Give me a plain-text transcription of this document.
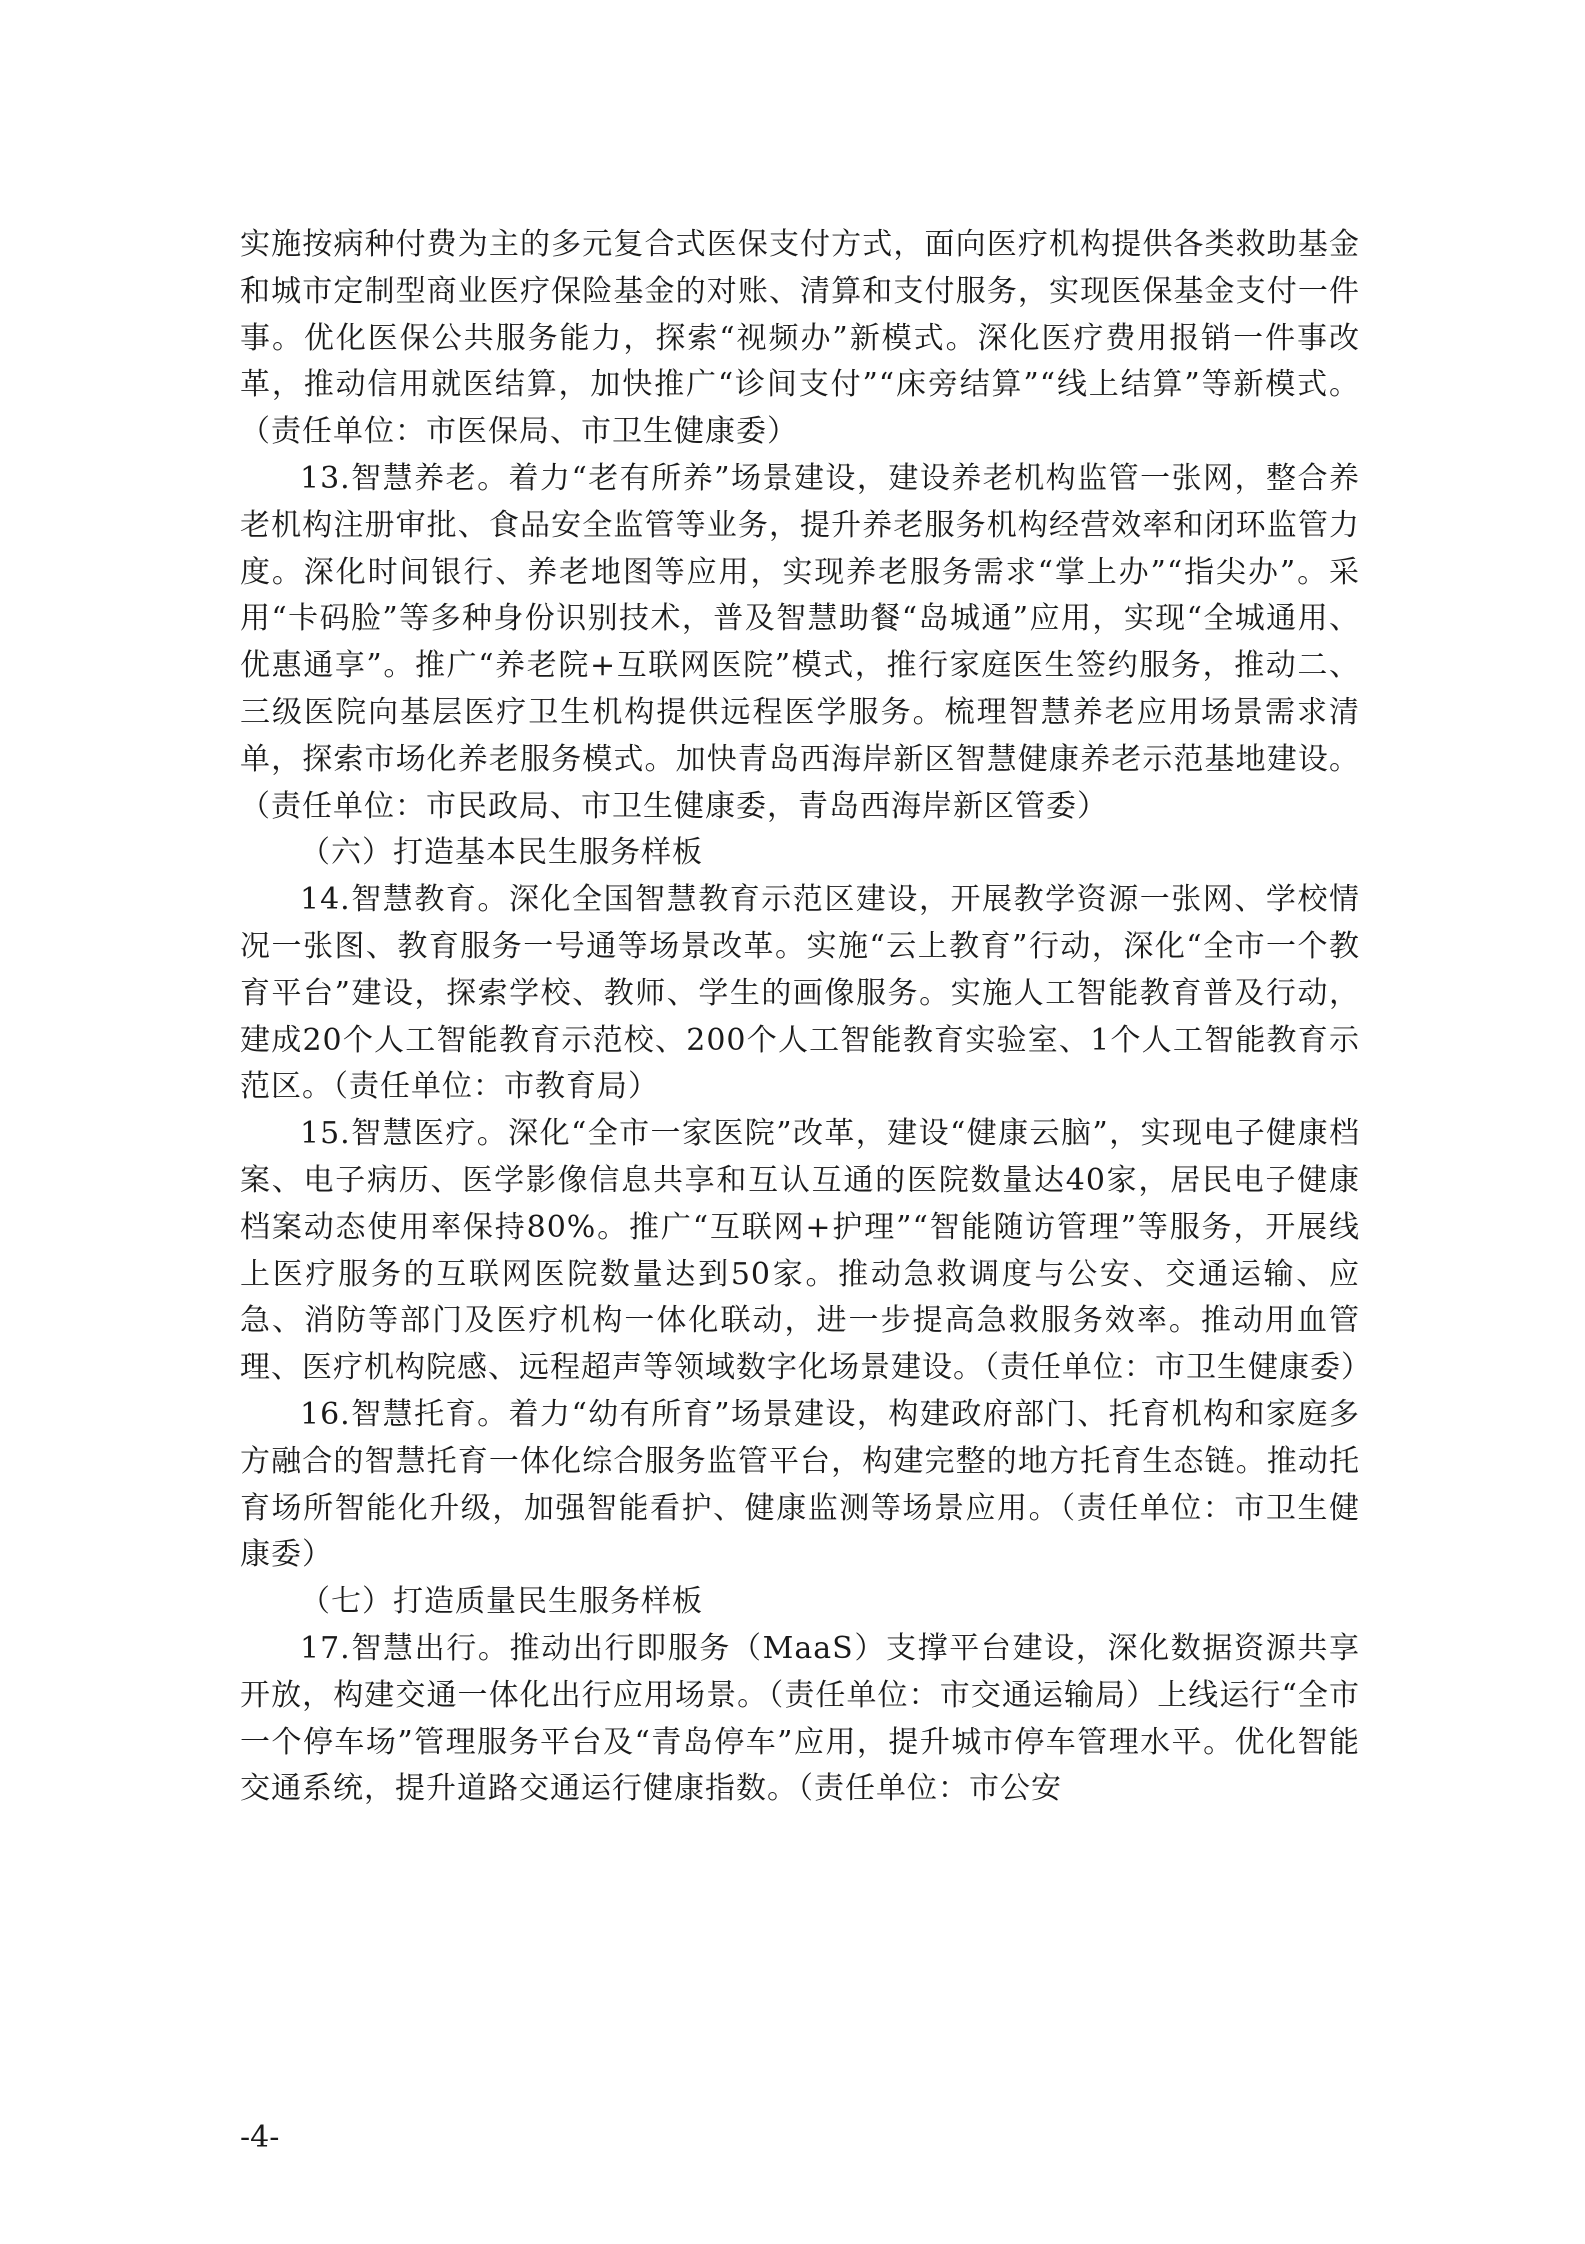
实施按病种付费为主的多元复合式医保支付方式，面向医疗机构提供各类救助基金和城市定制型商业医疗保险基金的对账、清算和支付服务，实现医保基金支付一件事。优化医保公共服务能力，探索“视频办”新模式。深化医疗费用报销一件事改革，推动信用就医结算，加快推广“诊间支付”“床旁结算”“线上结算”等新模式。（责任单位：市医保局、市卫生健康委）

13.智慧养老。着力“老有所养”场景建设，建设养老机构监管一张网，整合养老机构注册审批、食品安全监管等业务，提升养老服务机构经营效率和闭环监管力度。深化时间银行、养老地图等应用，实现养老服务需求“掌上办”“指尖办”。采用“卡码脸”等多种身份识别技术，普及智慧助餐“岛城通”应用，实现“全城通用、优惠通享”。推广“养老院+互联网医院”模式，推行家庭医生签约服务，推动二、三级医院向基层医疗卫生机构提供远程医学服务。梳理智慧养老应用场景需求清单，探索市场化养老服务模式。加快青岛西海岸新区智慧健康养老示范基地建设。（责任单位：市民政局、市卫生健康委，青岛西海岸新区管委）

（六）打造基本民生服务样板

14.智慧教育。深化全国智慧教育示范区建设，开展教学资源一张网、学校情况一张图、教育服务一号通等场景改革。实施“云上教育”行动，深化“全市一个教育平台”建设，探索学校、教师、学生的画像服务。实施人工智能教育普及行动，建成20个人工智能教育示范校、200个人工智能教育实验室、1个人工智能教育示范区。（责任单位：市教育局）

15.智慧医疗。深化“全市一家医院”改革，建设“健康云脑”，实现电子健康档案、电子病历、医学影像信息共享和互认互通的医院数量达40家，居民电子健康档案动态使用率保持80%。推广“互联网+护理”“智能随访管理”等服务，开展线上医疗服务的互联网医院数量达到50家。推动急救调度与公安、交通运输、应急、消防等部门及医疗机构一体化联动，进一步提高急救服务效率。推动用血管理、医疗机构院感、远程超声等领域数字化场景建设。（责任单位：市卫生健康委）

16.智慧托育。着力“幼有所育”场景建设，构建政府部门、托育机构和家庭多方融合的智慧托育一体化综合服务监管平台，构建完整的地方托育生态链。推动托育场所智能化升级，加强智能看护、健康监测等场景应用。（责任单位：市卫生健康委）

（七）打造质量民生服务样板

17.智慧出行。推动出行即服务（MaaS）支撑平台建设，深化数据资源共享开放，构建交通一体化出行应用场景。（责任单位：市交通运输局）上线运行“全市一个停车场”管理服务平台及“青岛停车”应用，提升城市停车管理水平。优化智能交通系统，提升道路交通运行健康指数。（责任单位：市公安

-4-
